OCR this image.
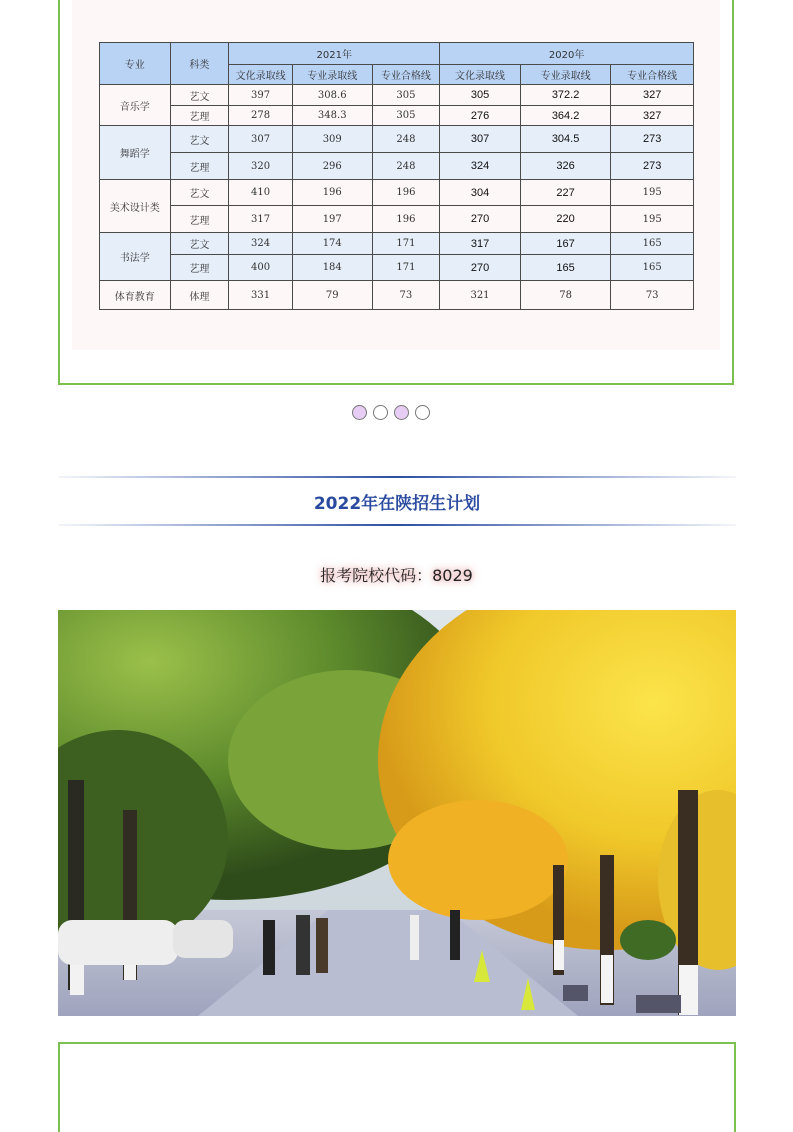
专业	科类	2021年			2020年		
		文化录取线	专业录取线	专业合格线	文化录取线	专业录取线	专业合格线
音乐学	艺文	397	308.6	305	305	372.2	327
	艺理	278	348.3	305	276	364.2	327
舞蹈学	艺文	307	309	248	307	304.5	273
	艺理	320	296	248	324	326	273
美术设计类	艺文	410	196	196	304	227	195
	艺理	317	197	196	270	220	195
书法学	艺文	324	174	171	317	167	165
	艺理	400	184	171	270	165	165
体育教育	体理	331	79	73	321	78	73
2022年在陕招生计划
报考院校代码：8029
